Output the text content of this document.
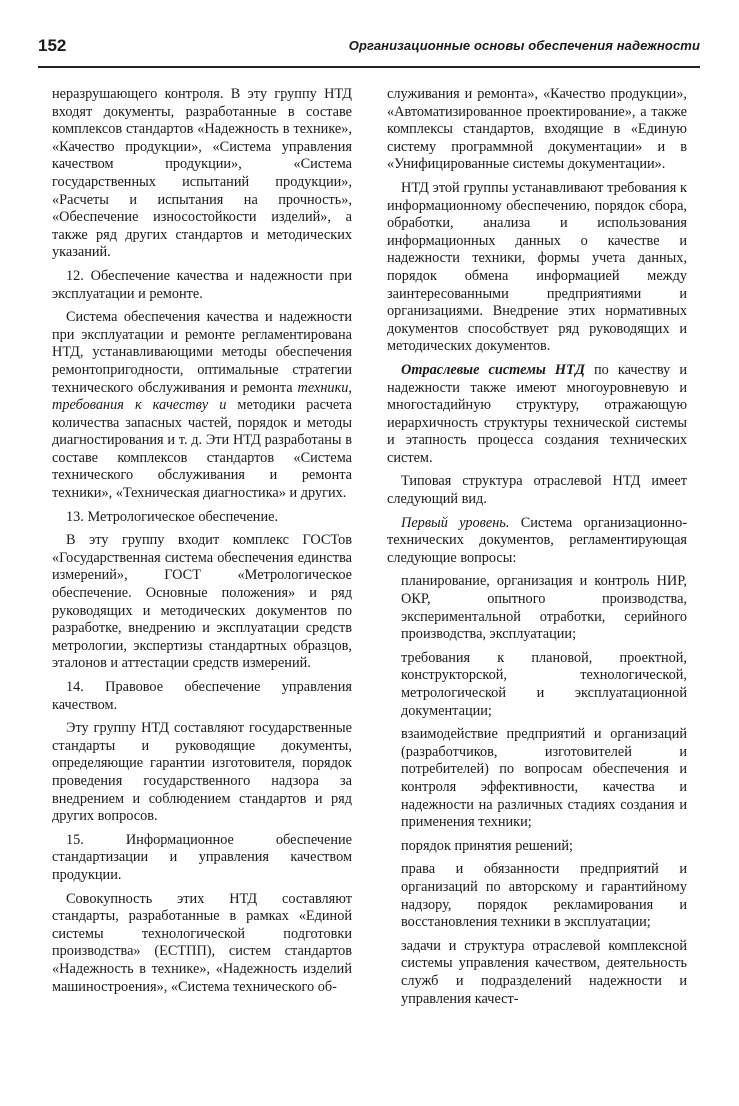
152	Организационные основы обеспечения надежности

неразрушающего контроля. В эту группу НТД входят документы, разработанные в составе комплексов стандартов «Надежность в технике», «Качество продукции», «Система управления качеством продукции», «Система государственных испытаний продукции», «Расчеты и испытания на прочность», «Обеспечение износостойкости изделий», а также ряд других стандартов и методических указаний.

12. Обеспечение качества и надежности при эксплуатации и ремонте.

Система обеспечения качества и надежности при эксплуатации и ремонте регламентирована НТД, устанавливающими методы обеспечения ремонтопригодности, оптимальные стратегии технического обслуживания и ремонта техники, требования к качеству и методики расчета количества запасных частей, порядок и методы диагностирования и т. д. Эти НТД разработаны в составе комплексов стандартов «Система технического обслуживания и ремонта техники», «Техническая диагностика» и других.

13. Метрологическое обеспечение.

В эту группу входит комплекс ГОСТов «Государственная система обеспечения единства измерений», ГОСТ «Метрологическое обеспечение. Основные положения» и ряд руководящих и методических документов по разработке, внедрению и эксплуатации средств метрологии, экспертизы стандартных образцов, эталонов и аттестации средств измерений.

14. Правовое обеспечение управления качеством.

Эту группу НТД составляют государственные стандарты и руководящие документы, определяющие гарантии изготовителя, порядок проведения государственного надзора за внедрением и соблюдением стандартов и ряд других вопросов.

15. Информационное обеспечение стандартизации и управления качеством продукции.

Совокупность этих НТД составляют стандарты, разработанные в рамках «Единой системы технологической подготовки производства» (ЕСТПП), систем стандартов «Надежность в технике», «Надежность изделий машиностроения», «Система технического об-

служивания и ремонта», «Качество продукции», «Автоматизированное проектирование», а также комплексы стандартов, входящие в «Единую систему программной документации» и в «Унифицированные системы документации».

НТД этой группы устанавливают требования к информационному обеспечению, порядок сбора, обработки, анализа и использования информационных данных о качестве и надежности техники, формы учета данных, порядок обмена информацией между заинтересованными предприятиями и организациями. Внедрение этих нормативных документов способствует ряд руководящих и методических документов.

Отраслевые системы НТД по качеству и надежности также имеют многоуровневую и многостадийную структуру, отражающую иерархичность структуры технической системы и этапность процесса создания технических систем.

Типовая структура отраслевой НТД имеет следующий вид.

Первый уровень. Система организационно-технических документов, регламентирующая следующие вопросы:

планирование, организация и контроль НИР, ОКР, опытного производства, экспериментальной отработки, серийного производства, эксплуатации;

требования к плановой, проектной, конструкторской, технологической, метрологической и эксплуатационной документации;

взаимодействие предприятий и организаций (разработчиков, изготовителей и потребителей) по вопросам обеспечения и контроля эффективности, качества и надежности на различных стадиях создания и применения техники;

порядок принятия решений;

права и обязанности предприятий и организаций по авторскому и гарантийному надзору, порядок рекламирования и восстановления техники в эксплуатации;

задачи и структура отраслевой комплексной системы управления качеством, деятельность служб и подразделений надежности и управления качест-
